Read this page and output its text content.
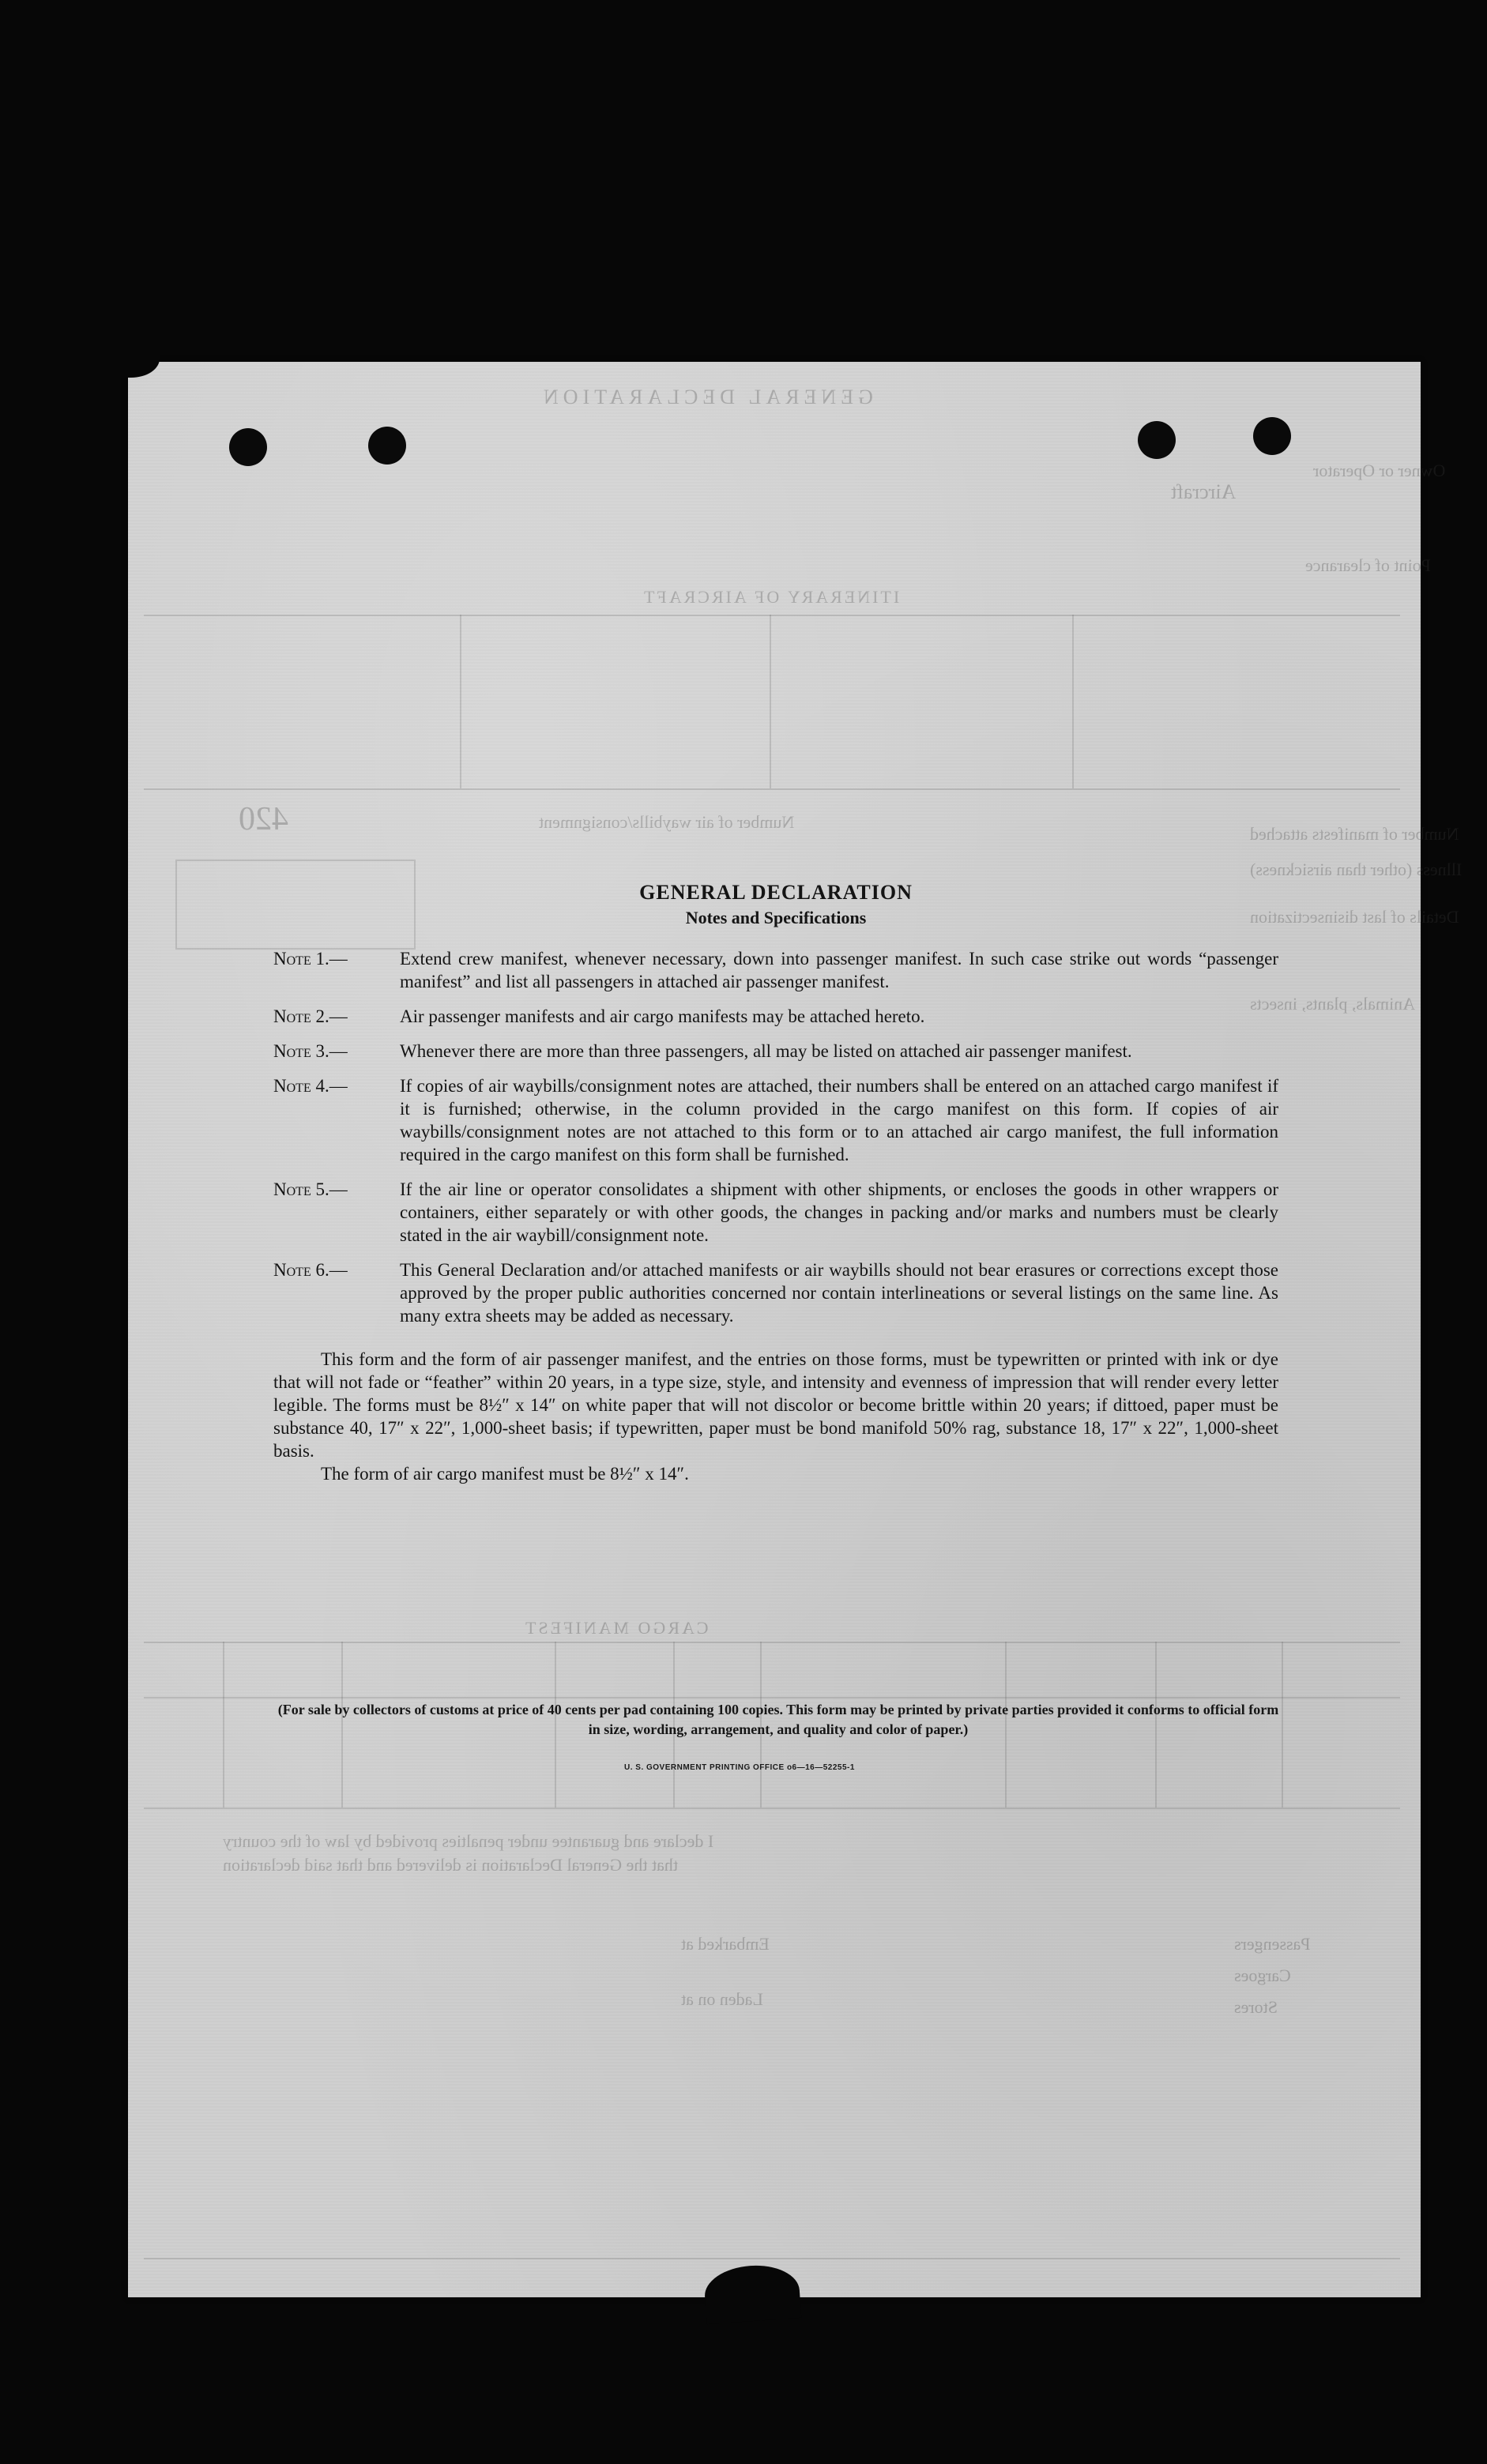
GENERAL DECLARATION
Aircraft
Owner or Operator
Point of clearance
ITINERARY OF AIRCRAFT
420	Number of air waybills/consignment
Number of manifests attached
Illness (other than airsickness)
Details of last disinsectization
Animals, plants, insects
CARGO MANIFEST
I declare and guarantee under penalties provided by law of the country
that the General Declaration is delivered and that said declaration
Embarked at
Laden on at
Passengers
Cargoes
Stores
GENERAL DECLARATION
Notes and Specifications
Note 1.—	Extend crew manifest, whenever necessary, down into passenger manifest. In such case strike out words “passenger manifest” and list all passengers in attached air passenger manifest.
Note 2.—	Air passenger manifests and air cargo manifests may be attached hereto.
Note 3.—	Whenever there are more than three passengers, all may be listed on attached air passenger manifest.
Note 4.—	If copies of air waybills/consignment notes are attached, their numbers shall be entered on an attached cargo manifest if it is furnished; otherwise, in the column provided in the cargo manifest on this form. If copies of air waybills/consignment notes are not attached to this form or to an attached air cargo manifest, the full information required in the cargo manifest on this form shall be furnished.
Note 5.—	If the air line or operator consolidates a shipment with other shipments, or encloses the goods in other wrappers or containers, either separately or with other goods, the changes in packing and/or marks and numbers must be clearly stated in the air waybill/consignment note.
Note 6.—	This General Declaration and/or attached manifests or air waybills should not bear erasures or corrections except those approved by the proper public authorities concerned nor contain interlineations or several listings on the same line. As many extra sheets may be added as necessary.

This form and the form of air passenger manifest, and the entries on those forms, must be typewritten or printed with ink or dye that will not fade or “feather” within 20 years, in a type size, style, and intensity and evenness of impression that will render every letter legible. The forms must be 8½″ x 14″ on white paper that will not discolor or become brittle within 20 years; if dittoed, paper must be substance 40, 17″ x 22″, 1,000-sheet basis; if typewritten, paper must be bond manifold 50% rag, substance 18, 17″ x 22″, 1,000-sheet basis.

The form of air cargo manifest must be 8½″ x 14″.

(For sale by collectors of customs at price of 40 cents per pad containing 100 copies. This form may be printed by private parties provided it conforms to official form in size, wording, arrangement, and quality and color of paper.)
U. S. GOVERNMENT PRINTING OFFICE o6—16—52255-1
